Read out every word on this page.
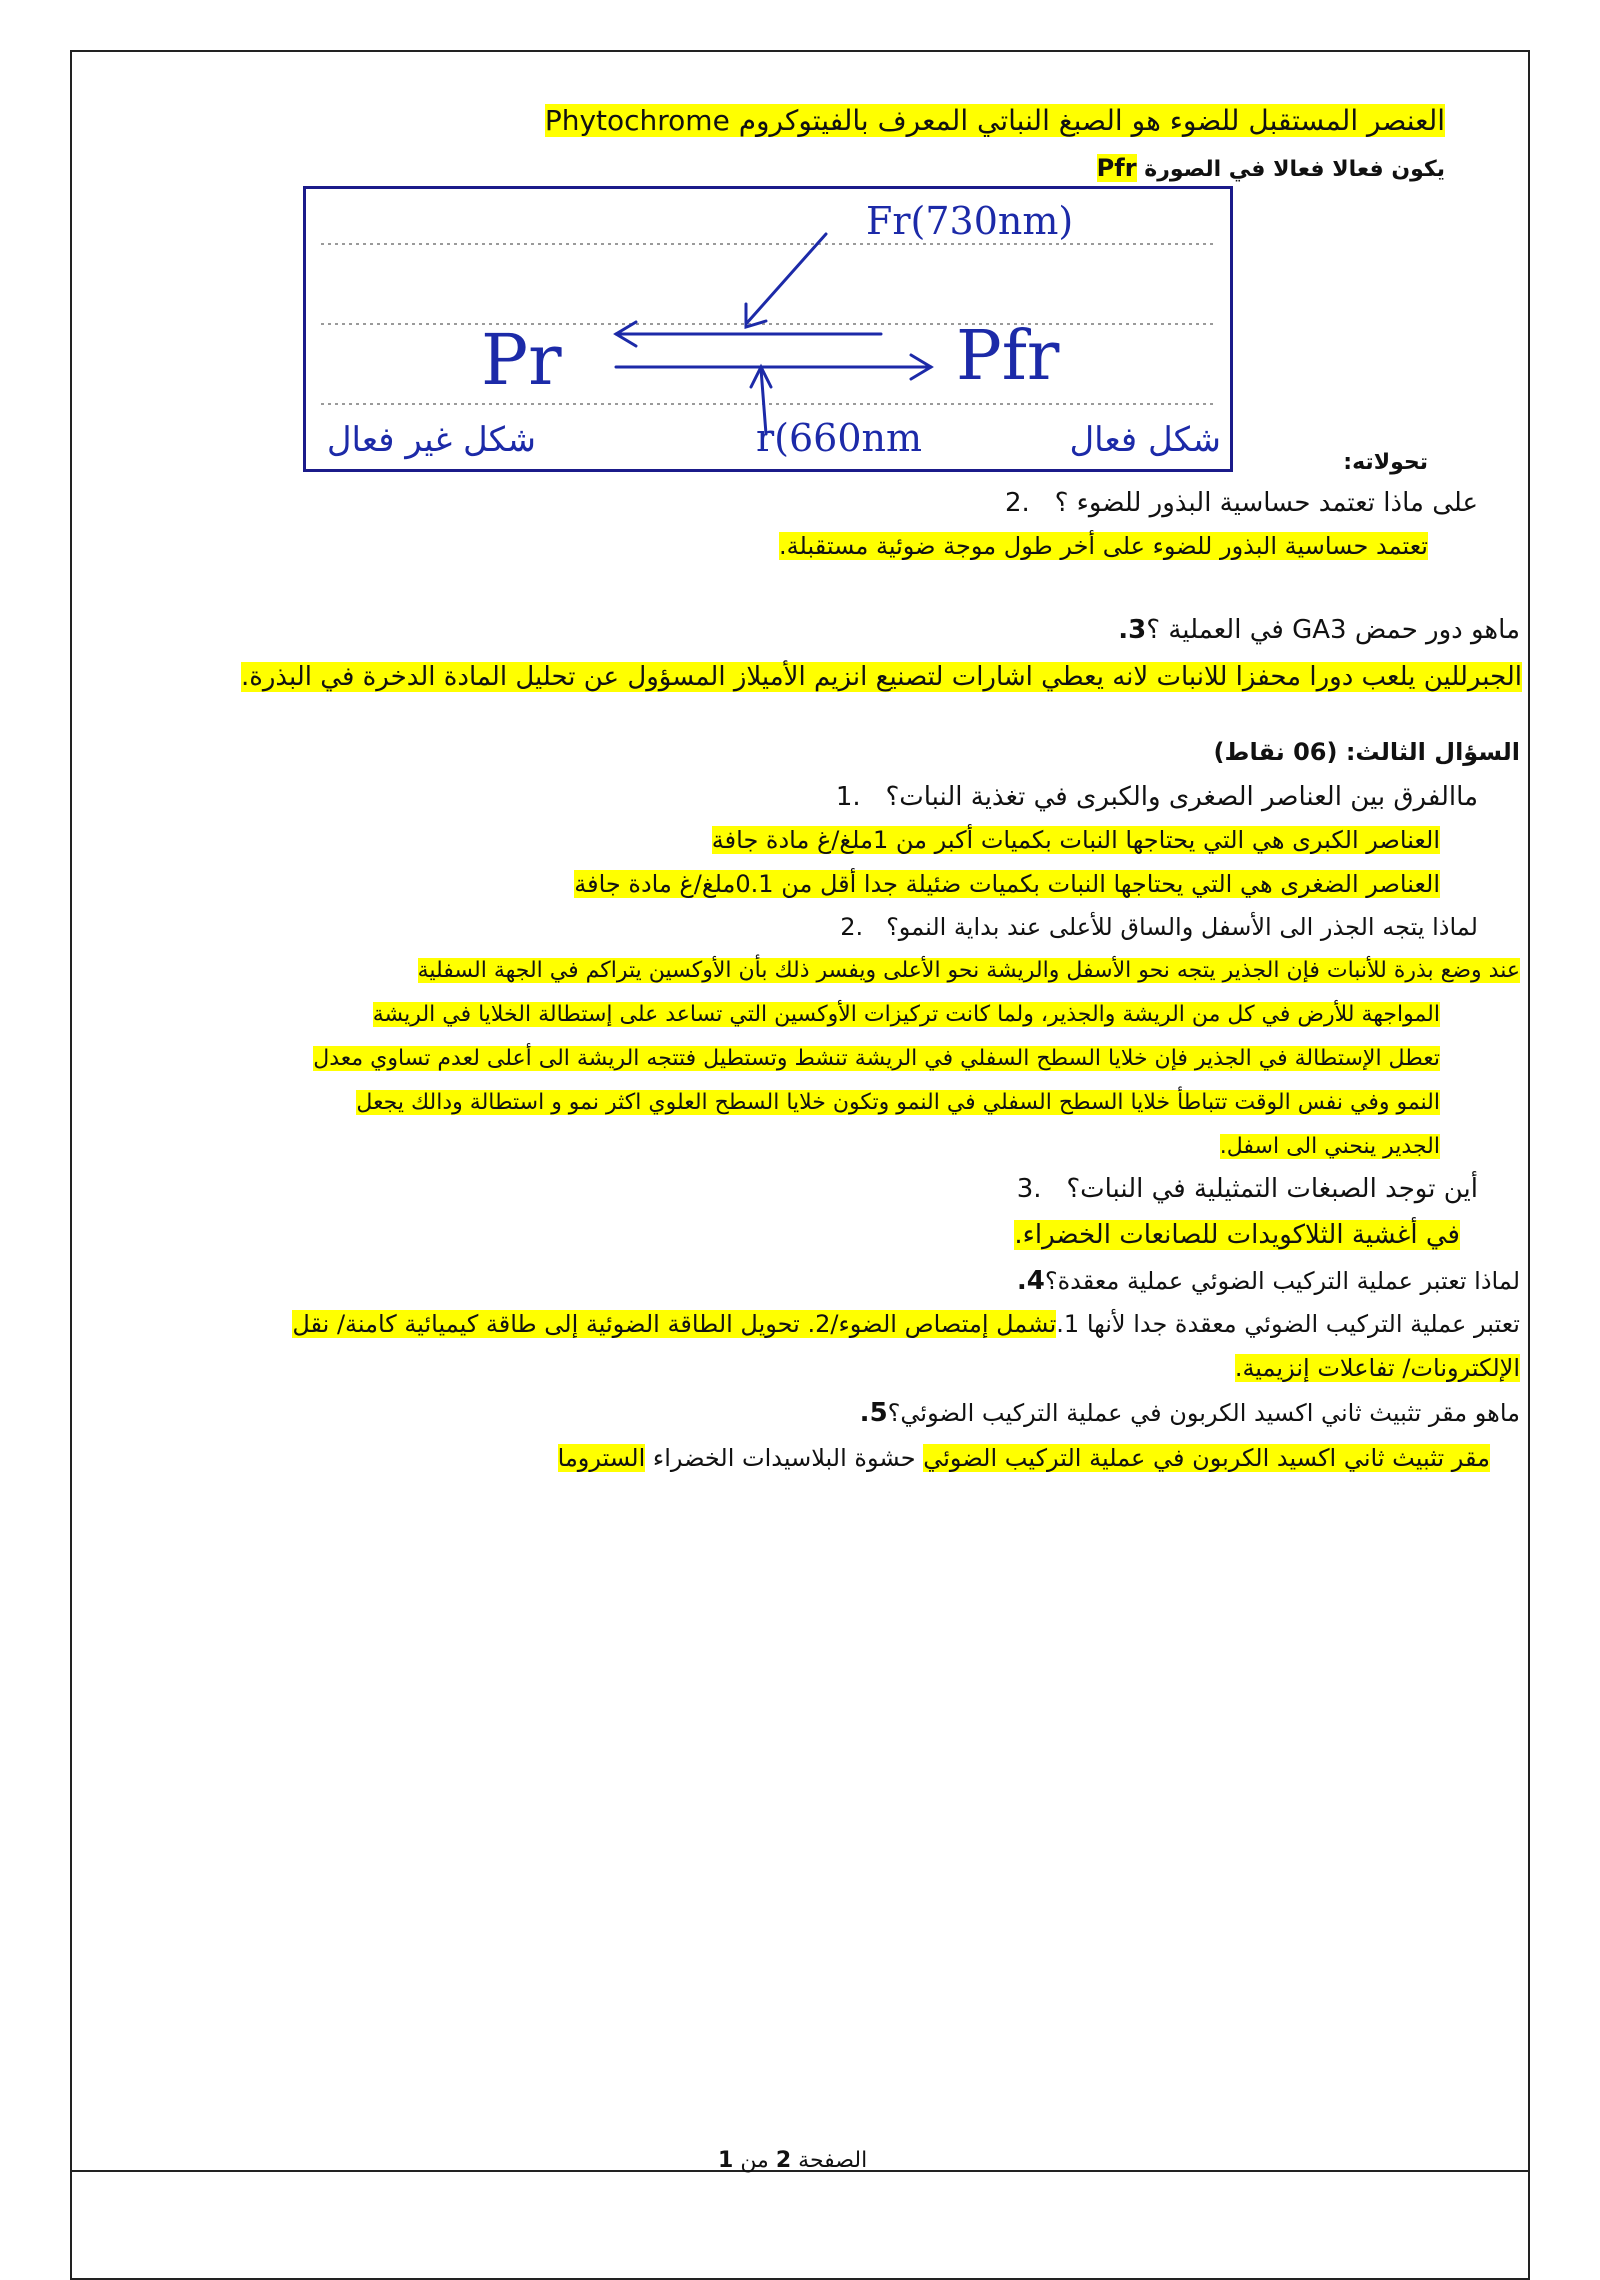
العنصر المستقبل للضوء هو الصبغ النباتي المعرف بالفيتوكروم Phytochrome
يكون فعالا فعالا في الصورة Pfr
Pr	Pfr
Fr(730nm)
r(660nm
شكل غير فعال	شكل فعال
تحولاته:
على ماذا تعتمد حساسية البذور للضوء ؟   .2
تعتمد حساسية البذور للضوء على أخر طول موجة ضوئية مستقبلة.
ماهو دور حمض GA3 في العملية ؟3.
الجبرللين يلعب دورا محفزا للانبات لانه يعطي اشارات لتصنيع انزيم الأميلاز المسؤول عن تحليل المادة الدخرة في البذرة.
السؤال الثالث: (06 نقاط)
ماالفرق بين العناصر الصغرى والكبرى في تغذية النبات؟   .1
العناصر الكبرى هي التي يحتاجها النبات بكميات أكبر من 1ملغ/غ مادة جافة
العناصر الضغرى هي التي يحتاجها النبات بكميات ضئيلة جدا أقل من 0.1ملغ/غ مادة جافة
لماذا يتجه الجذر الى الأسفل والساق للأعلى عند بداية النمو؟   .2
عند وضع بذرة للأنبات فإن الجذير يتجه نحو الأسفل والريشة نحو الأعلى ويفسر ذلك بأن الأوكسين يتراكم في الجهة السفلية
المواجهة للأرض في كل من الريشة والجذير، ولما كانت تركيزات الأوكسين التي تساعد على إستطالة الخلايا في الريشة
تعطل الإستطالة في الجذير فإن خلايا السطح السفلي في الريشة تنشط وتستطيل فتتجه الريشة الى أعلى لعدم تساوي معدل
النمو وفي نفس الوقت تتباطأ خلايا السطح السفلي في النمو وتكون خلايا السطح العلوي اكثر نمو و استطالة ودالك يجعل
الجدير ينحني الى اسفل.
أين توجد الصبغات التمثيلية في النبات؟   .3
في أغشية الثلاكويدات للصانعات الخضراء.
لماذا تعتبر عملية التركيب الضوئي عملية معقدة؟4.
تعتبر عملية التركيب الضوئي معقدة جدا لأنها 1.تشمل إمتصاص الضوء/2. تحويل الطاقة الضوئية إلى طاقة كيميائية كامنة/ نقل
الإلكترونات/ تفاعلات إنزيمية.
ماهو مقر تثبيث ثاني اكسيد الكربون في عملية التركيب الضوئي؟5.
مقر تثبيث ثاني اكسيد الكربون في عملية التركيب الضوئي حشوة البلاسيدات الخضراء الستروما
الصفحة 2 من 1
